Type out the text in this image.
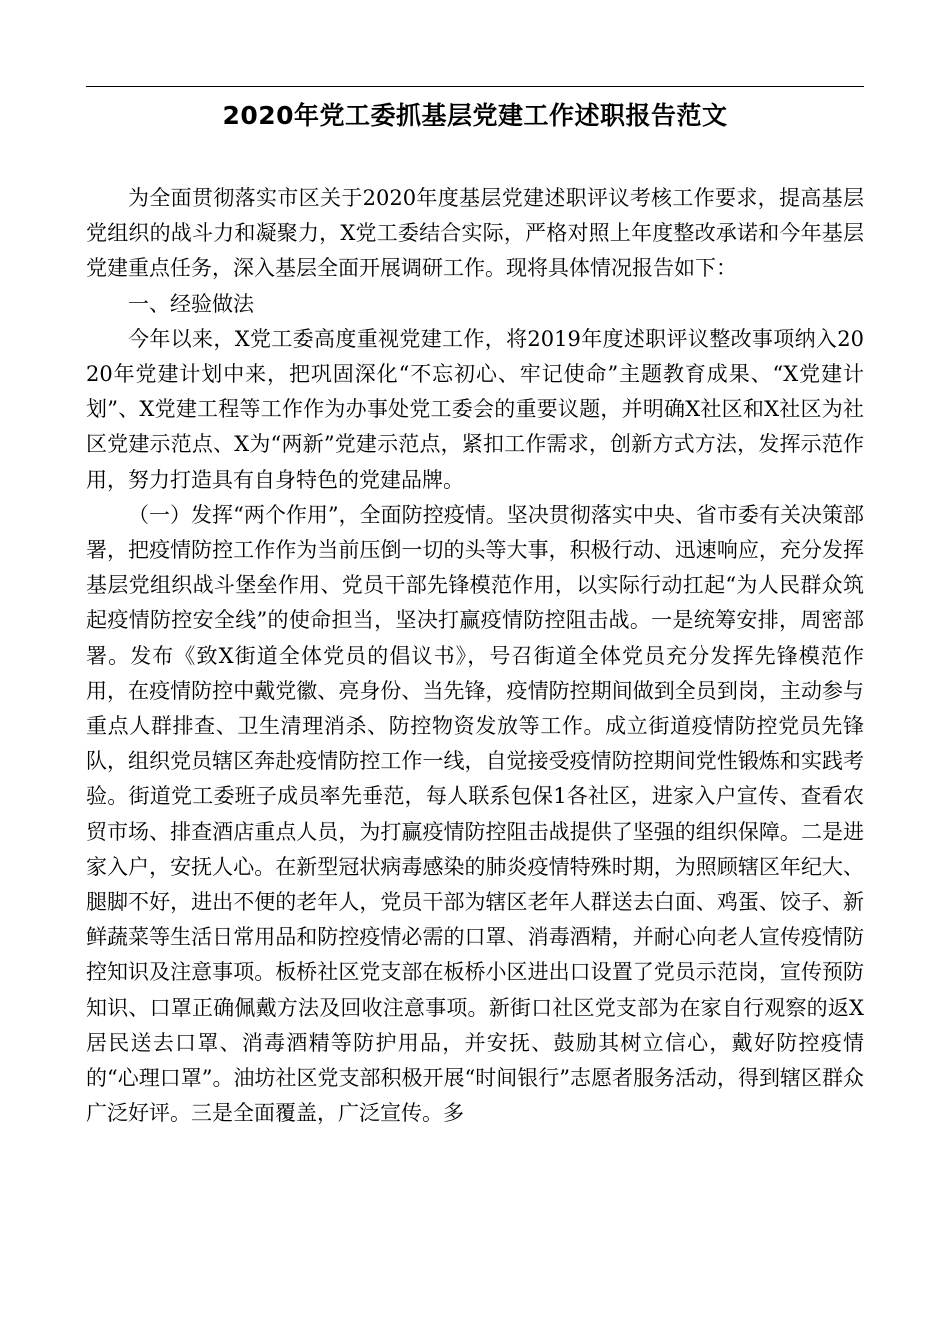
2020年党工委抓基层党建工作述职报告范文

为全面贯彻落实市区关于2020年度基层党建述职评议考核工作要求，提高基层党组织的战斗力和凝聚力，X党工委结合实际，严格对照上年度整改承诺和今年基层党建重点任务，深入基层全面开展调研工作。现将具体情况报告如下：

一、经验做法

今年以来，X党工委高度重视党建工作，将2019年度述职评议整改事项纳入2020年党建计划中来，把巩固深化“不忘初心、牢记使命”主题教育成果、“X党建计划”、X党建工程等工作作为办事处党工委会的重要议题，并明确X社区和X社区为社区党建示范点、X为“两新”党建示范点，紧扣工作需求，创新方式方法，发挥示范作用，努力打造具有自身特色的党建品牌。

（一）发挥“两个作用”，全面防控疫情。坚决贯彻落实中央、省市委有关决策部署，把疫情防控工作作为当前压倒一切的头等大事，积极行动、迅速响应，充分发挥基层党组织战斗堡垒作用、党员干部先锋模范作用，以实际行动扛起“为人民群众筑起疫情防控安全线”的使命担当，坚决打赢疫情防控阻击战。一是统筹安排，周密部署。发布《致X街道全体党员的倡议书》，号召街道全体党员充分发挥先锋模范作用，在疫情防控中戴党徽、亮身份、当先锋，疫情防控期间做到全员到岗，主动参与重点人群排查、卫生清理消杀、防控物资发放等工作。成立街道疫情防控党员先锋队，组织党员辖区奔赴疫情防控工作一线，自觉接受疫情防控期间党性锻炼和实践考验。街道党工委班子成员率先垂范，每人联系包保1各社区，进家入户宣传、查看农贸市场、排查酒店重点人员，为打赢疫情防控阻击战提供了坚强的组织保障。二是进家入户，安抚人心。在新型冠状病毒感染的肺炎疫情特殊时期，为照顾辖区年纪大、腿脚不好，进出不便的老年人，党员干部为辖区老年人群送去白面、鸡蛋、饺子、新鲜蔬菜等生活日常用品和防控疫情必需的口罩、消毒酒精，并耐心向老人宣传疫情防控知识及注意事项。板桥社区党支部在板桥小区进出口设置了党员示范岗，宣传预防知识、口罩正确佩戴方法及回收注意事项。新街口社区党支部为在家自行观察的返X居民送去口罩、消毒酒精等防护用品，并安抚、鼓励其树立信心，戴好防控疫情的“心理口罩”。油坊社区党支部积极开展“时间银行”志愿者服务活动，得到辖区群众广泛好评。三是全面覆盖，广泛宣传。多
